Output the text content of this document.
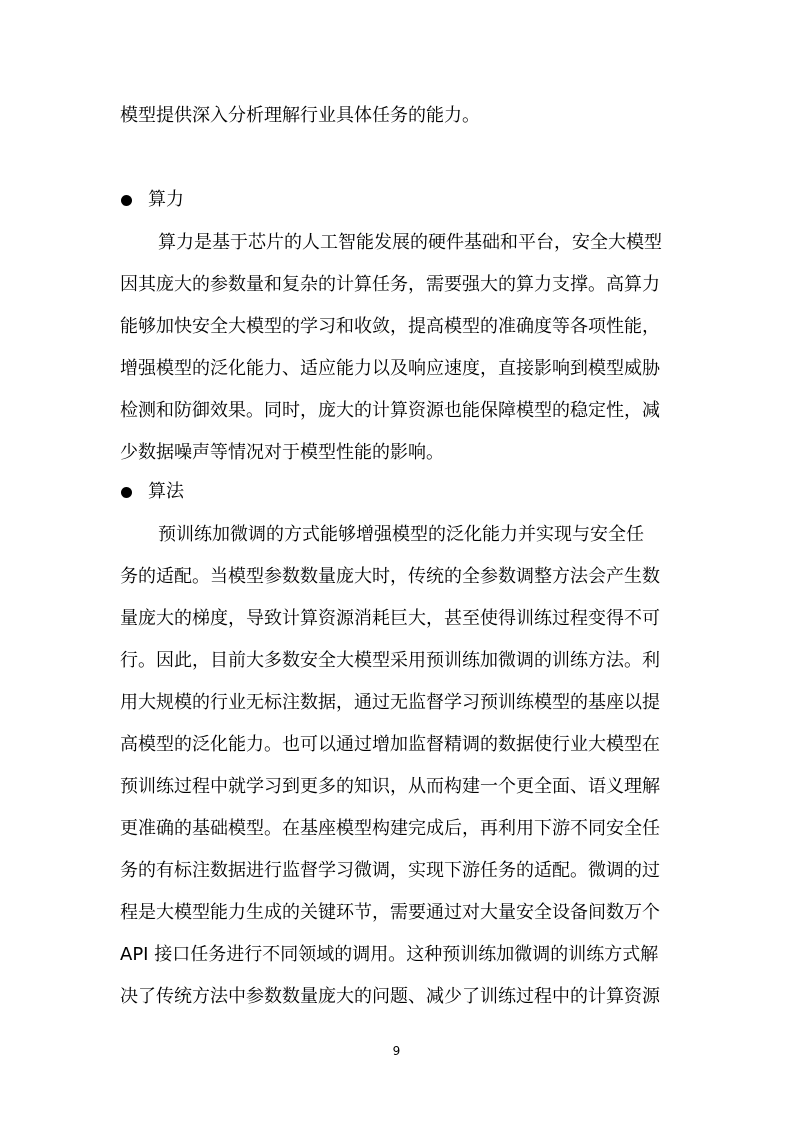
模型提供深入分析理解行业具体任务的能力。
算力
算力是基于芯片的人工智能发展的硬件基础和平台，安全大模型
因其庞大的参数量和复杂的计算任务，需要强大的算力支撑。高算力
能够加快安全大模型的学习和收敛，提高模型的准确度等各项性能，
增强模型的泛化能力、适应能力以及响应速度，直接影响到模型威胁
检测和防御效果。同时，庞大的计算资源也能保障模型的稳定性，减
少数据噪声等情况对于模型性能的影响。
算法
预训练加微调的方式能够增强模型的泛化能力并实现与安全任
务的适配。当模型参数数量庞大时，传统的全参数调整方法会产生数
量庞大的梯度，导致计算资源消耗巨大，甚至使得训练过程变得不可
行。因此，目前大多数安全大模型采用预训练加微调的训练方法。利
用大规模的行业无标注数据，通过无监督学习预训练模型的基座以提
高模型的泛化能力。也可以通过增加监督精调的数据使行业大模型在
预训练过程中就学习到更多的知识，从而构建一个更全面、语义理解
更准确的基础模型。在基座模型构建完成后，再利用下游不同安全任
务的有标注数据进行监督学习微调，实现下游任务的适配。微调的过
程是大模型能力生成的关键环节，需要通过对大量安全设备间数万个
API 接口任务进行不同领域的调用。这种预训练加微调的训练方式解
决了传统方法中参数数量庞大的问题、减少了训练过程中的计算资源
9
